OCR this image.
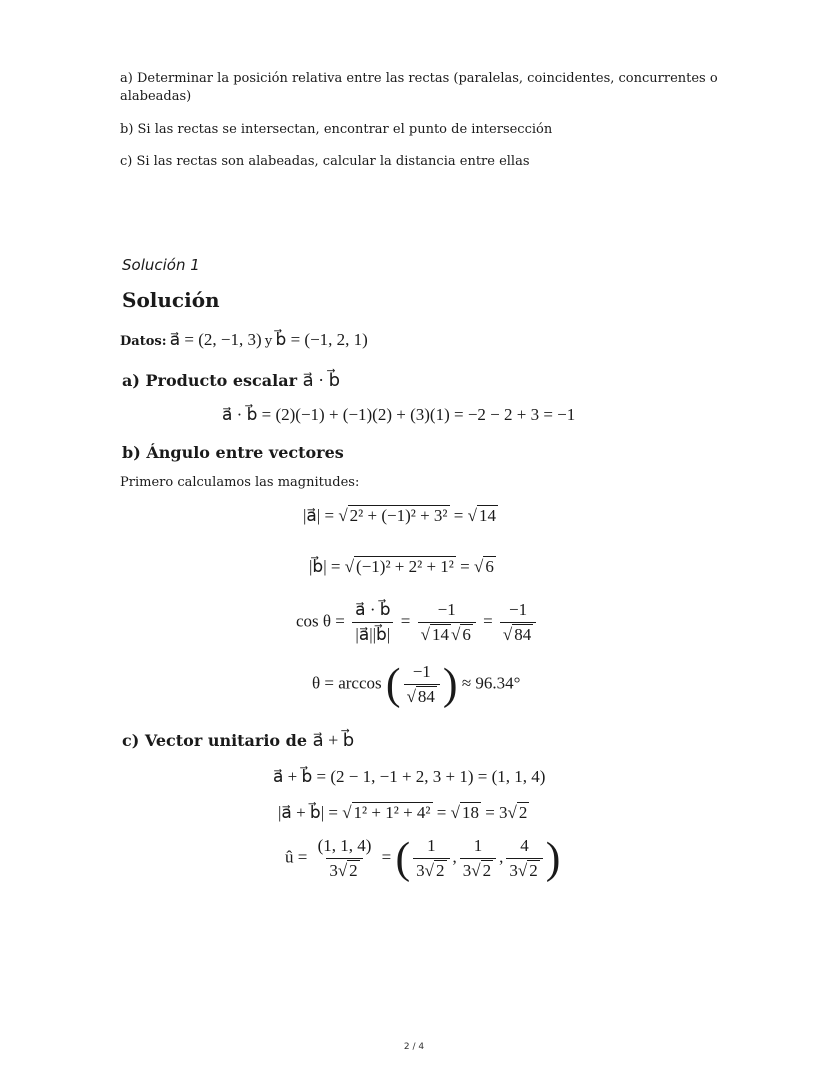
a) Determinar la posición relativa entre las rectas (paralelas, coincidentes, concurrentes o alabeadas)
b) Si las rectas se intersectan, encontrar el punto de intersección
c) Si las rectas son alabeadas, calcular la distancia entre ellas
Solución 1
Solución
Datos: a⃗ = (2, −1, 3) y b⃗ = (−1, 2, 1)
a) Producto escalar a⃗ · b⃗
a⃗ · b⃗ = (2)(−1) + (−1)(2) + (3)(1) = −2 − 2 + 3 = −1
b) Ángulo entre vectores
Primero calculamos las magnitudes:
|a⃗| = √ 2² + (−1)² + 3² = √ 14
|b⃗| = √ (−1)² + 2² + 1² = √ 6
$\cos \theta = \frac{a⃗ \cdot b⃗}{|a⃗||b⃗|} = \frac{-1}{√ 14 √ 6} = \frac{-1}{√ 84}$
θ = arccos ( $\frac{-1}{√ 84}$ ) ≈ 96.34°
c) Vector unitario de a⃗ + b⃗
a⃗ + b⃗ = (2 − 1, −1 + 2, 3 + 1) = (1, 1, 4)
|a⃗ + b⃗| = √ 1² + 1² + 4² = √ 18 = 3√ 2
û = $\frac{(1, 1, 4)}{3√ 2}$ = ( $\frac{1}{3√ 2}$ , $\frac{1}{3√ 2}$ , $\frac{4}{3√ 2}$ )
2 / 4
